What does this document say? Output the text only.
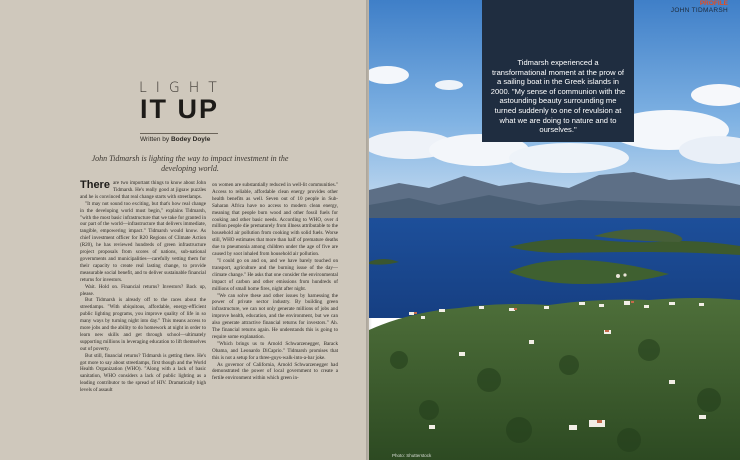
LIGHT
IT UP
Written by Bodey Doyle
John Tidmarsh is lighting the way to impact investment in the developing world.

There are two important things to know about John Tidmarsh. He's really good at jigsaw puzzles and he is convinced that real change starts with streetlamps.

"It may not sound too exciting, but that's how real change in the developing world must begin," explains Tidmarsh, "with the most basic infrastructure that we take for granted in our part of the world—infrastructure that delivers immediate, tangible, empowering impact." Tidmarsh would know. As chief investment officer for R20 Regions of Climate Action (R20), he has reviewed hundreds of green infrastructure project proposals from scores of nations, sub-national governments and municipalities—carefully vetting them for their capacity to create real lasting change, to provide measurable social benefit, and to deliver sustainable financial returns for investors.

Wait. Hold on. Financial returns? Investors? Back up, please.

But Tidmarsh is already off to the races about the streetlamps. "With ubiquitous, affordable, energy-efficient public lighting programs, you improve quality of life in so many ways by turning night into day." This means access to more jobs and the ability to do homework at night in order to learn new skills and get through school—ultimately supporting millions in leveraging education to lift themselves out of poverty.

But still, financial returns? Tidmarsh is getting there. He's got more to say about streetlamps, first though and the World Health Organization (WHO). "Along with a lack of basic sanitation, WHO considers a lack of public lighting as a leading contributor to the spread of HIV. Dramatically high levels of assault

on women are substantially reduced in well-lit communities." Access to reliable, affordable clean energy provides other health benefits as well. Seven out of 10 people in Sub-Saharan Africa have no access to modern clean energy, meaning that people burn wood and other fossil fuels for cooking and other basic needs. According to WHO, over 4 million people die prematurely from illness attributable to the household air pollution from cooking with solid fuels. Worse still, WHO estimates that more than half of premature deaths due to pneumonia among children under the age of five are caused by soot inhaled from household air pollution.

"I could go on and on, and we have barely touched on transport, agriculture and the burning issue of the day—climate change." He asks that one consider the environmental impact of carbon and other emissions from hundreds of millions of small home fires, night after night.

"We can solve these and other issues by harnessing the power of private sector industry. By building green infrastructure, we can not only generate millions of jobs and improve health, education, and the environment, but we can also generate attractive financial returns for investors." Ah. The financial returns again. He understands this is going to require some explanation.

"Which brings us to Arnold Schwarzenegger, Barack Obama, and Leonardo DiCaprio." Tidmarsh promises that this is not a setup for a three-guys-walk-into-a-bar joke.

As governor of California, Arnold Schwarzenegger had demonstrated the power of local government to create a fertile environment within which green in-

PROFILE
JOHN TIDMARSH
Tidmarsh experienced a transformational moment at the prow of a sailing boat in the Greek islands in 2000. "My sense of communion with the astounding beauty surrounding me turned suddenly to one of revulsion at what we are doing to nature and to ourselves."
Photo: Shutterstock
